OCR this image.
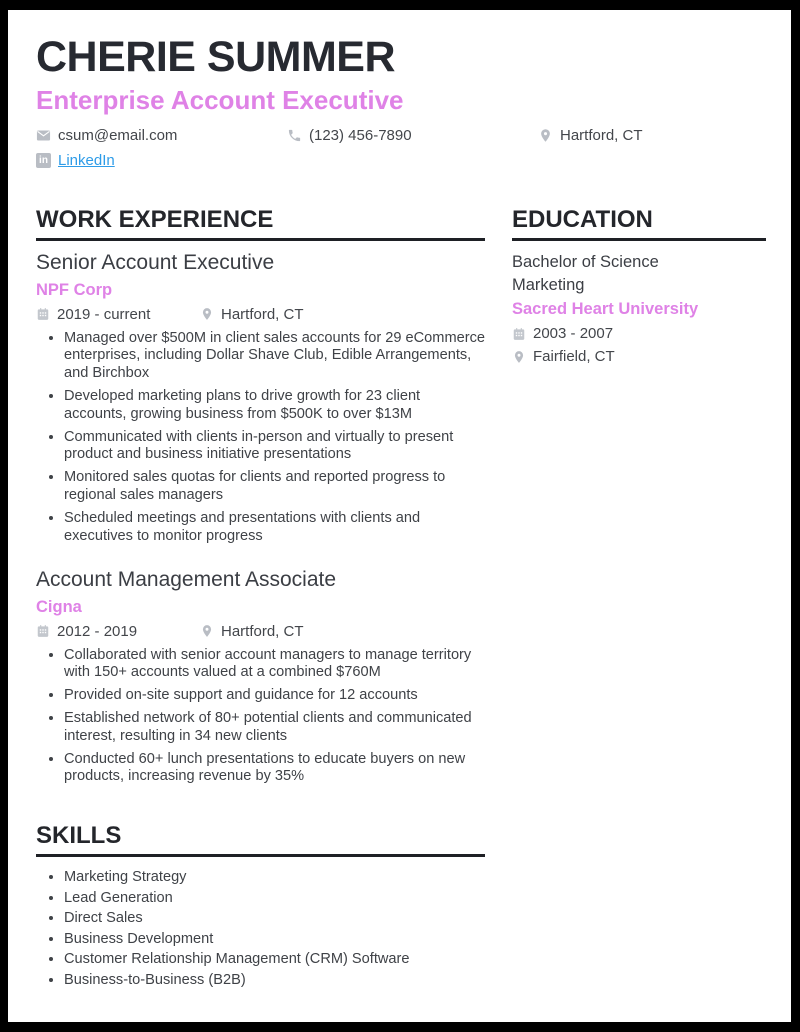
CHERIE SUMMER
Enterprise Account Executive
csum@email.com	(123) 456-7890	Hartford, CT
in LinkedIn
WORK EXPERIENCE
Senior Account Executive
NPF Corp
2019 - current	Hartford, CT
• Managed over $500M in client sales accounts for 29 eCommerce enterprises, including Dollar Shave Club, Edible Arrangements, and Birchbox
• Developed marketing plans to drive growth for 23 client accounts, growing business from $500K to over $13M
• Communicated with clients in-person and virtually to present product and business initiative presentations
• Monitored sales quotas for clients and reported progress to regional sales managers
• Scheduled meetings and presentations with clients and executives to monitor progress
Account Management Associate
Cigna
2012 - 2019	Hartford, CT
• Collaborated with senior account managers to manage territory with 150+ accounts valued at a combined $760M
• Provided on-site support and guidance for 12 accounts
• Established network of 80+ potential clients and communicated interest, resulting in 34 new clients
• Conducted 60+ lunch presentations to educate buyers on new products, increasing revenue by 35%
SKILLS
• Marketing Strategy
• Lead Generation
• Direct Sales
• Business Development
• Customer Relationship Management (CRM) Software
• Business-to-Business (B2B)
EDUCATION
Bachelor of Science
Marketing
Sacred Heart University
2003 - 2007
Fairfield, CT
